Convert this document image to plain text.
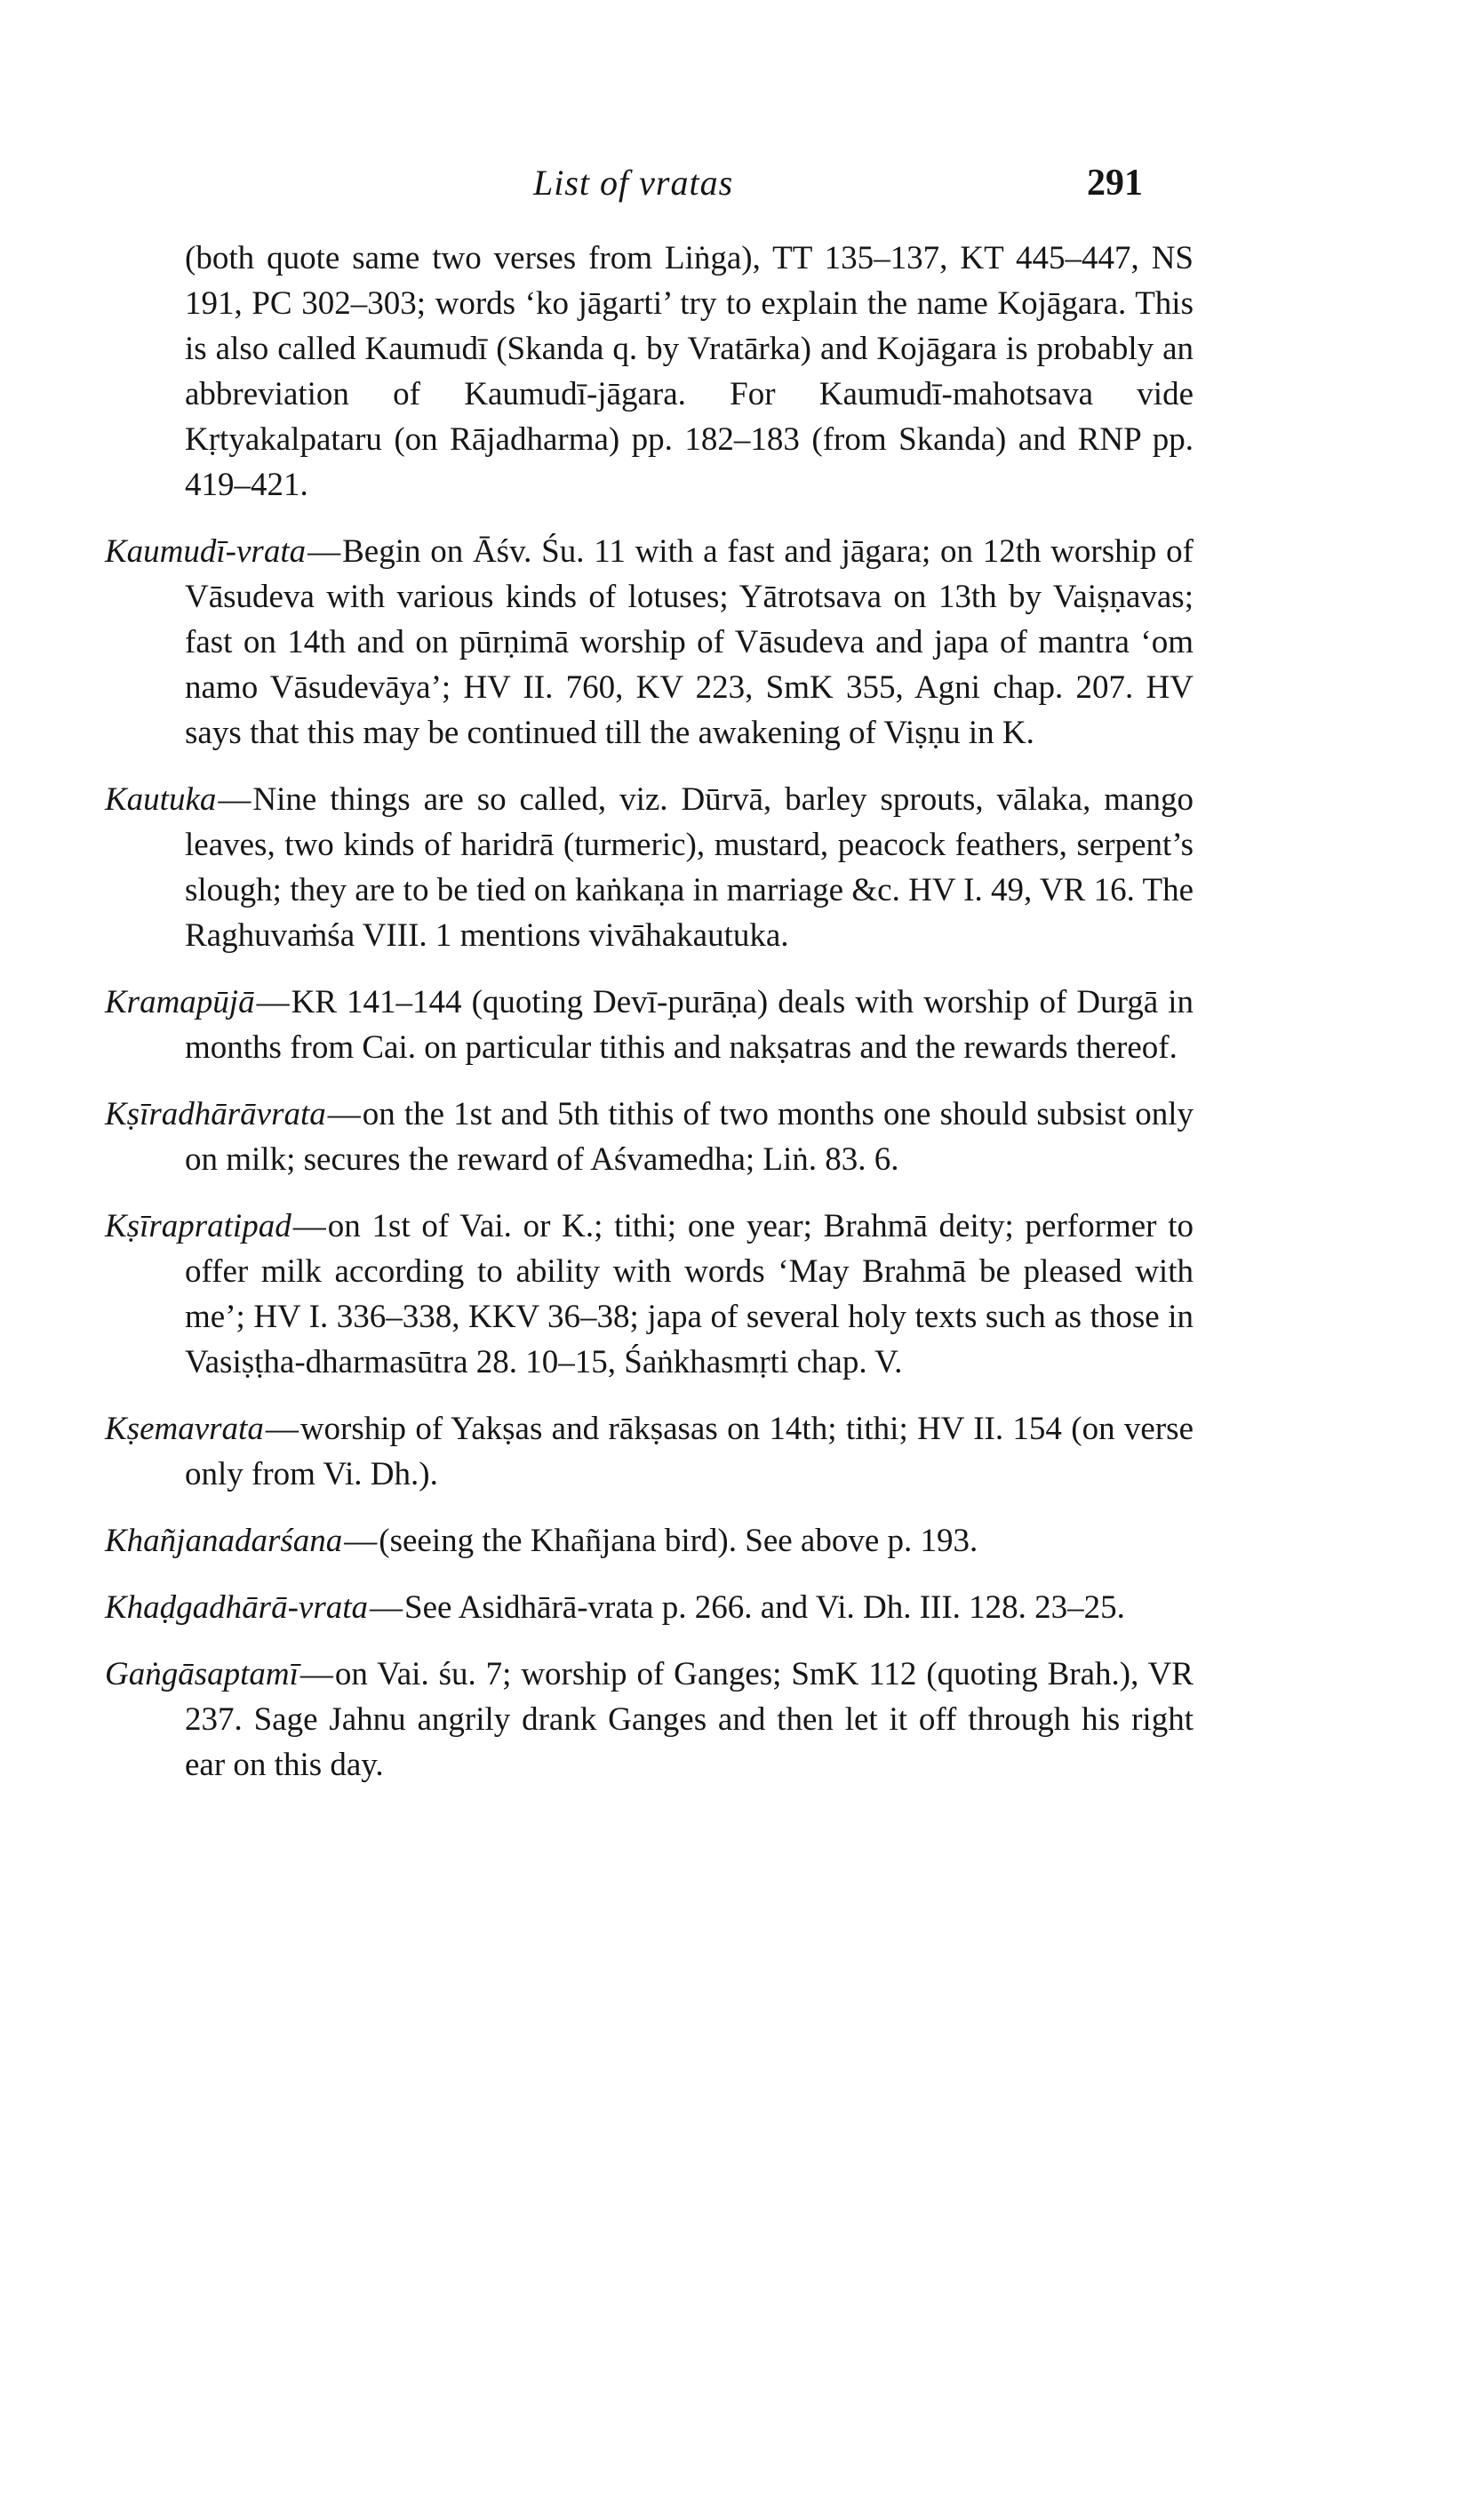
List of vratas	291

(both quote same two verses from Liṅga), TT 135–137, KT 445–447, NS 191, PC 302–303; words ‘ko jāgarti’ try to explain the name Kojāgara. This is also called Kaumudī (Skanda q. by Vratārka) and Kojāgara is probably an abbreviation of Kaumudī-jāgara. For Kaumudī-mahotsava vide Kṛtyakalpataru (on Rājadharma) pp. 182–183 (from Skanda) and RNP pp. 419–421.

Kaumudī-vrata—Begin on Āśv. Śu. 11 with a fast and jāgara; on 12th worship of Vāsudeva with various kinds of lotuses; Yātrotsava on 13th by Vaiṣṇavas; fast on 14th and on pūrṇimā worship of Vāsudeva and japa of mantra ‘om namo Vāsudevāya’; HV II. 760, KV 223, SmK 355, Agni chap. 207. HV says that this may be continued till the awakening of Viṣṇu in K.

Kautuka—Nine things are so called, viz. Dūrvā, barley sprouts, vālaka, mango leaves, two kinds of haridrā (turmeric), mustard, peacock feathers, serpent’s slough; they are to be tied on kaṅkaṇa in marriage &c. HV I. 49, VR 16. The Raghuvaṁśa VIII. 1 mentions vivāhakautuka.

Kramapūjā—KR 141–144 (quoting Devī-purāṇa) deals with worship of Durgā in months from Cai. on particular tithis and nakṣatras and the rewards thereof.

Kṣīradhārāvrata—on the 1st and 5th tithis of two months one should subsist only on milk; secures the reward of Aśvamedha; Liṅ. 83. 6.

Kṣīrapratipad—on 1st of Vai. or K.; tithi; one year; Brahmā deity; performer to offer milk according to ability with words ‘May Brahmā be pleased with me’; HV I. 336–338, KKV 36–38; japa of several holy texts such as those in Vasiṣṭha-dharmasūtra 28. 10–15, Śaṅkhasmṛti chap. V.

Kṣemavrata—worship of Yakṣas and rākṣasas on 14th; tithi; HV II. 154 (on verse only from Vi. Dh.).

Khañjanadarśana—(seeing the Khañjana bird). See above p. 193.

Khaḍgadhārā-vrata—See Asidhārā-vrata p. 266. and Vi. Dh. III. 128. 23–25.

Gaṅgāsaptamī—on Vai. śu. 7; worship of Ganges; SmK 112 (quoting Brah.), VR 237. Sage Jahnu angrily drank Ganges and then let it off through his right ear on this day.
